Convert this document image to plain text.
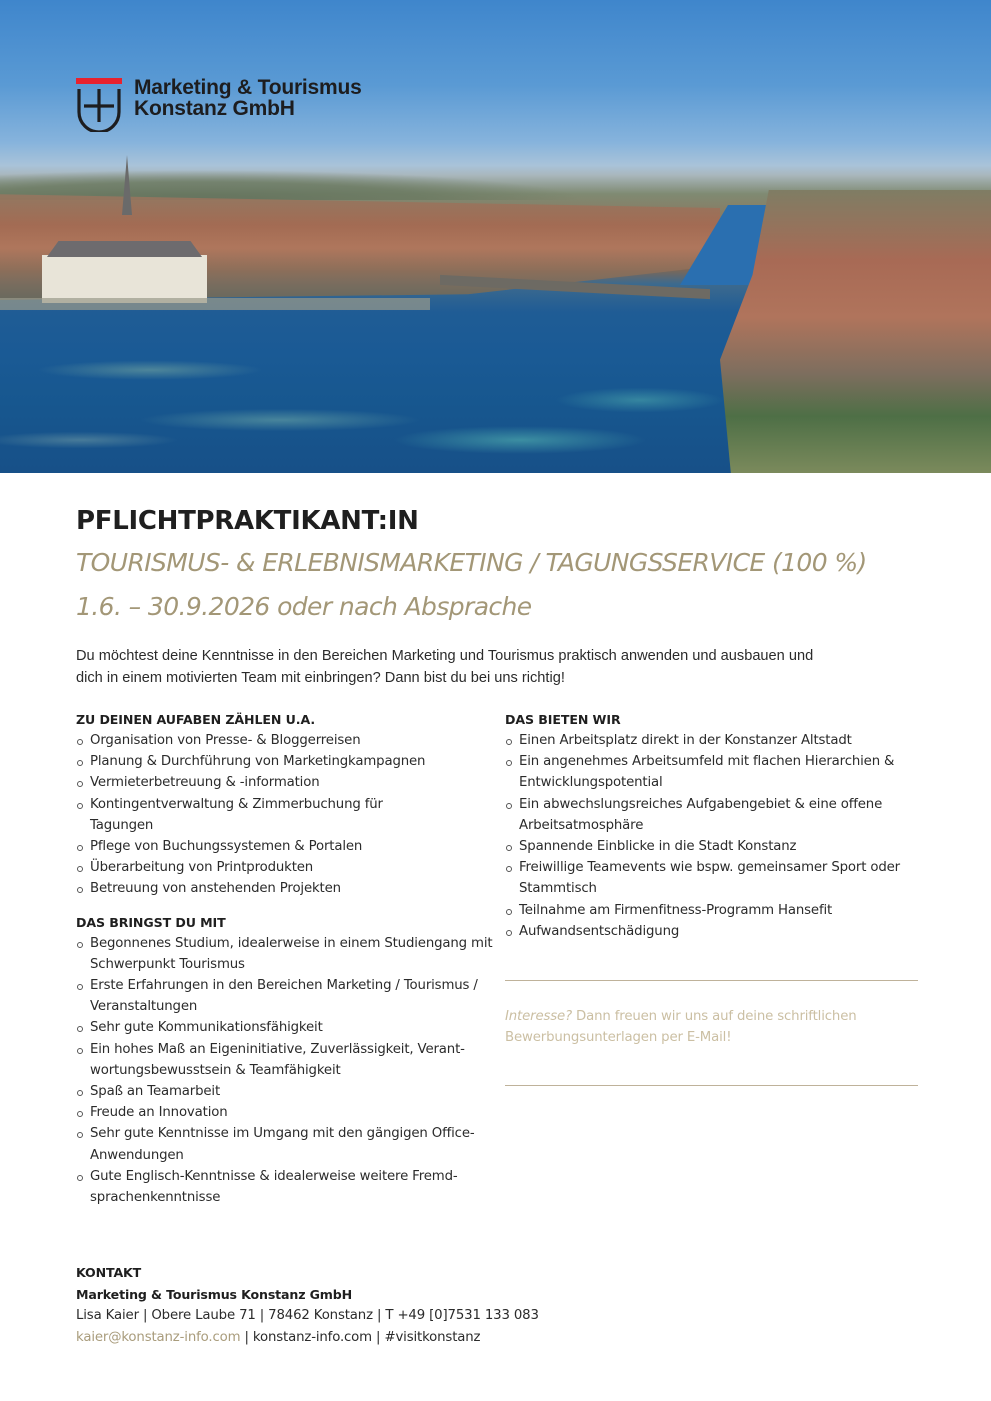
Marketing & Tourismus
Konstanz GmbH
PFLICHTPRAKTIKANT:IN
TOURISMUS- & ERLEBNISMARKETING / TAGUNGSSERVICE (100 %)
1.6. – 30.9.2026 oder nach Absprache
Du möchtest deine Kenntnisse in den Bereichen Marketing und Tourismus praktisch anwenden und ausbauen und
dich in einem motivierten Team mit einbringen? Dann bist du bei uns richtig!
ZU DEINEN AUFABEN ZÄHLEN U.A.
Organisation von Presse- & Bloggerreisen
Planung & Durchführung von Marketingkampagnen
Vermieterbetreuung & -information
Kontingentverwaltung & Zimmerbuchung für Tagungen
Pflege von Buchungssystemen & Portalen
Überarbeitung von Printprodukten
Betreuung von anstehenden Projekten
DAS BRINGST DU MIT
Begonnenes Studium, idealerweise in einem Studiengang mit Schwerpunkt Tourismus
Erste Erfahrungen in den Bereichen Marketing / Tourismus / Veranstaltungen
Sehr gute Kommunikationsfähigkeit
Ein hohes Maß an Eigeninitiative, Zuverlässigkeit, Verantwortungsbewusstsein & Teamfähigkeit
Spaß an Teamarbeit
Freude an Innovation
Sehr gute Kenntnisse im Umgang mit den gängigen Office-Anwendungen
Gute Englisch-Kenntnisse & idealerweise weitere Fremdsprachenkenntnisse
DAS BIETEN WIR
Einen Arbeitsplatz direkt in der Konstanzer Altstadt
Ein angenehmes Arbeitsumfeld mit flachen Hierarchien & Entwicklungspotential
Ein abwechslungsreiches Aufgabengebiet & eine offene Arbeitsatmosphäre
Spannende Einblicke in die Stadt Konstanz
Freiwillige Teamevents wie bspw. gemeinsamer Sport oder Stammtisch
Teilnahme am Firmenfitness-Programm Hansefit
Aufwandsentschädigung
Interesse? Dann freuen wir uns auf deine schriftlichen Bewerbungsunterlagen per E-Mail!
KONTAKT
Marketing & Tourismus Konstanz GmbH
Lisa Kaier | Obere Laube 71 | 78462 Konstanz | T +49 [0]7531 133 083
kaier@konstanz-info.com | konstanz-info.com | #visitkonstanz
